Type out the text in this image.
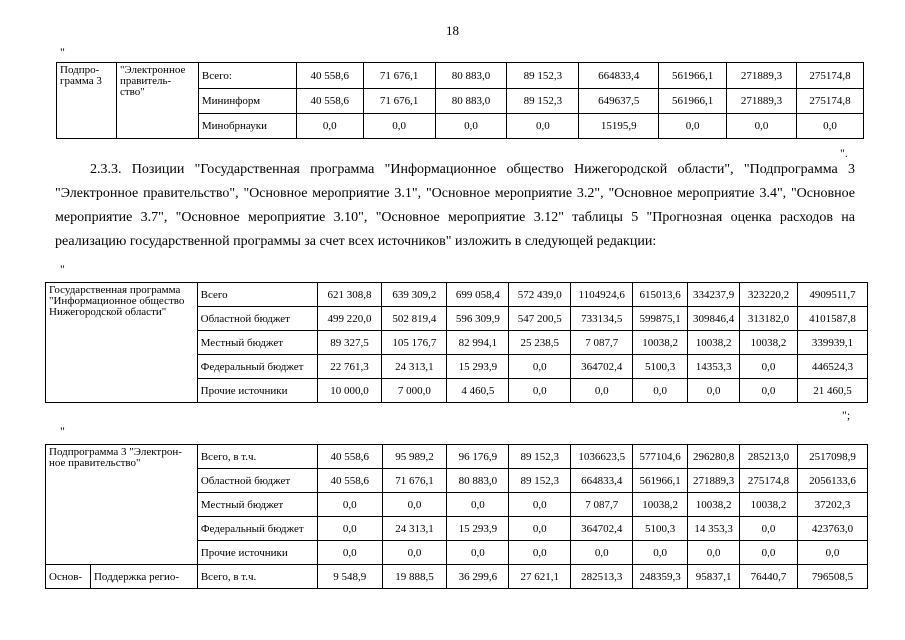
18
"
Подпро-
грамма 3	"Электронное
правитель-
ство"	Всего:	40 558,6	71 676,1	80 883,0	89 152,3	664833,4	561966,1	271889,3	275174,8
		Мининформ	40 558,6	71 676,1	80 883,0	89 152,3	649637,5	561966,1	271889,3	275174,8
		Минобрнауки	0,0	0,0	0,0	0,0	15195,9	0,0	0,0	0,0
".
2.3.3. Позиции "Государственная программа "Информационное общество Нижегородской области", "Подпрограмма 3 "Электронное правительство", "Основное мероприятие 3.1", "Основное мероприятие 3.2", "Основное мероприятие 3.4", "Основное мероприятие 3.7", "Основное мероприятие 3.10", "Основное мероприятие 3.12" таблицы 5 "Прогнозная оценка расходов на реализацию государственной программы за счет всех источников" изложить в следующей редакции:
"
Государственная программа "Информационное общество Нижегородской области"	Всего	621 308,8	639 309,2	699 058,4	572 439,0	1104924,6	615013,6	334237,9	323220,2	4909511,7
	Областной бюджет	499 220,0	502 819,4	596 309,9	547 200,5	733134,5	599875,1	309846,4	313182,0	4101587,8
	Местный бюджет	89 327,5	105 176,7	82 994,1	25 238,5	7 087,7	10038,2	10038,2	10038,2	339939,1
	Федеральный бюджет	22 761,3	24 313,1	15 293,9	0,0	364702,4	5100,3	14353,3	0,0	446524,3
	Прочие источники	10 000,0	7 000,0	4 460,5	0,0	0,0	0,0	0,0	0,0	21 460,5
";
"
Подпрограмма 3 "Электрон-ное правительство"		Всего, в т.ч.	40 558,6	95 989,2	96 176,9	89 152,3	1036623,5	577104,6	296280,8	285213,0	2517098,9
		Областной бюджет	40 558,6	71 676,1	80 883,0	89 152,3	664833,4	561966,1	271889,3	275174,8	2056133,6
		Местный бюджет	0,0	0,0	0,0	0,0	7 087,7	10038,2	10038,2	10038,2	37202,3
		Федеральный бюджет	0,0	24 313,1	15 293,9	0,0	364702,4	5100,3	14 353,3	0,0	423763,0
		Прочие источники	0,0	0,0	0,0	0,0	0,0	0,0	0,0	0,0	0,0
Основ-	Поддержка регио-	Всего, в т.ч.	9 548,9	19 888,5	36 299,6	27 621,1	282513,3	248359,3	95837,1	76440,7	796508,5
